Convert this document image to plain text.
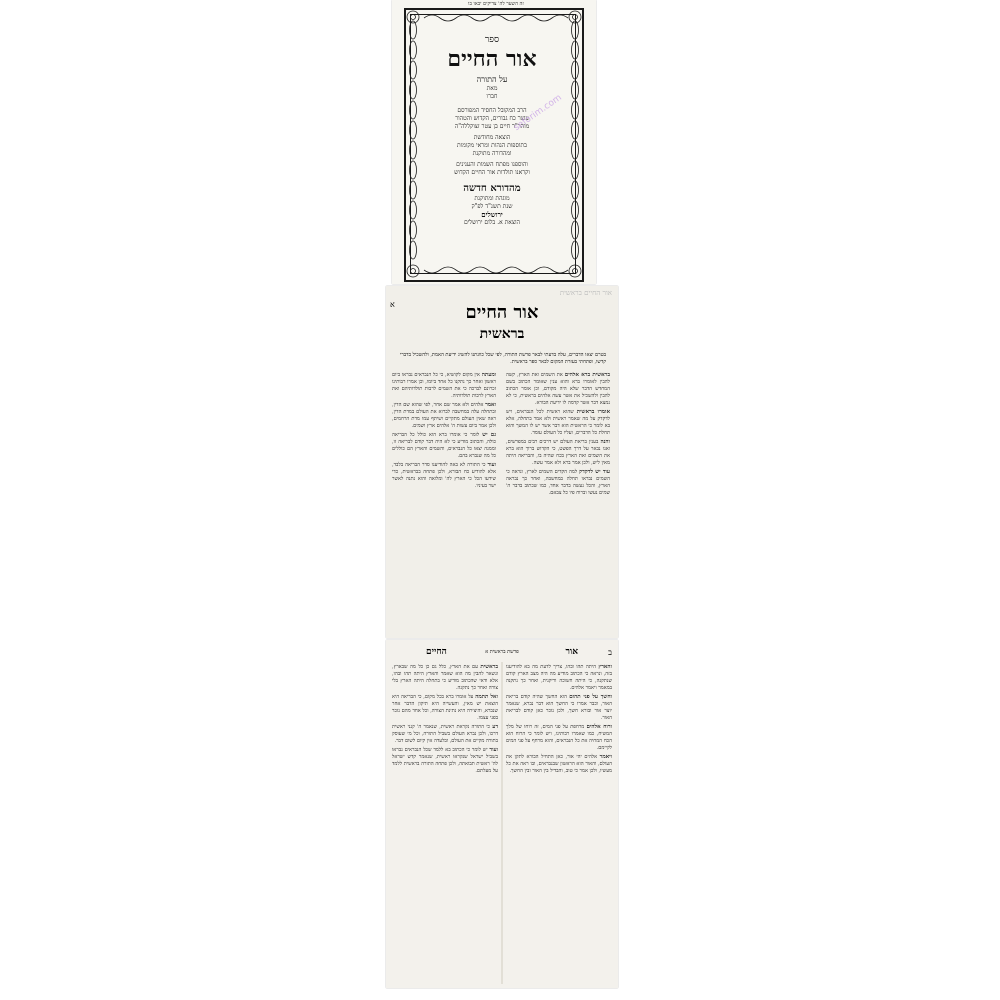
זה השער לה' צדיקים יבאו בו
ספר
אור החיים
על התורה
מאת
חברו
הרב המקובל החסיד המפורסם
עוצר כח גבורים, הקדוש והטהור
מוהר"ר חיים בן עטר זצוקללה"ה
הוצאה מחודשת
בתוספות הגהות ומראי מקומות
ומהדורה מתוקנת
והוספנו מפתח השמות והענינים
וקראנו תולדות אור החיים הקדוש
מהדורא חדשה
מוגהת ומתוקנת
שנת תשנ"ד לפ"ק
ירושלים
הוצאת א. בלום ירושלים
seforim.com
אור החיים בראשית
א	אור החיים
בראשית
בטרם יצאו הדברים, עלה בדעתי לבאר פרשת התורה, לפי שכל כוונתנו להשיג ידיעת האמת, ולהשכיל בדברי קדשו, ופתחתי בעזרת המקום לבאר ספר בראשית.
בראשית ברא אלהים את השמים ואת הארץ, קשה להבין לאומרו ברא והוא ענין שאומר הכתוב בשם המחדש הדבר שלא היה מקודם, וכן אומר הכתוב להבין ולהשכיל את אשר עשה אלהים בראשית, כי לא נמצא דבר אשר קדמה לו ידיעת הבורא.
אומרו בראשית שהוא ראשית לכל הנבראים, ויש לדקדק על מה שאמר ראשית ולא אמר בתחלה, אלא בא לומר כי הראשית הוא דבר אשר יש לו המשך והוא תחלת כל הדברים, ועליו כל העולם עומד.
והנה בענין בריאת העולם יש דרכים רבים במפרשים, ואנו נבאר על דרך הפשט, כי הקדוש ברוך הוא ברא את השמים ואת הארץ בכח שהיה בו, והבריאה היתה מאין ליש, ולכן אמר ברא ולא אמר עשה.
עוד יש לדקדק למה הקדים השמים לארץ, ונראה כי השמים נבראו תחלה במחשבה, ואחר כך נבראה הארץ, והכל נעשה בדבר אחד, כמו שכתוב בדבר ה' שמים נעשו וברוח פיו כל צבאם.
ומעתה אין מקום לקושיא, כי כל הנבראים נבראו ביום ראשון ואחר כך נתקנו כל אחד ביומו, וכן אמרו רבותינו זכרונם לברכה כי את השמים לרבות תולדותיהם ואת הארץ לרבות תולדותיה.
ואמר אלהים ולא אמר שם אחר, לפי שהוא שם הדין, ובתחלה עלה במחשבה לברוא את העולם במדת הדין, ראה שאין העולם מתקיים ושיתף עמו מדת הרחמים, ולכן אמר ביום עשות ה' אלהים ארץ ושמים.
גם יש לומר כי אומרו ברא הוא כולל כל הבריאה כולה, והכתוב מודיע כי לא היה דבר קודם לבריאה זו, וממנה יצאו כל הנבראים, והשמים והארץ הם כוללים כל מה שנברא בהם.
ועוד כי התורה לא באה להודיענו סדר הבריאה בלבד, אלא להודיע כח הבורא, ולכן פתחה בבראשית, כדי שידעו הכל כי הארץ לה' ומלואה והוא נתנה לאשר ישר בעיניו.
החיים	פרשת בראשית א	אור	ב
והארץ היתה תהו ובהו, צריך לדעת מה בא להודיענו בזה, ונראה כי הכתוב מודיע מה היה מצב הארץ קודם שנתקנה, כי היתה חשוכה וריקנית, ואחר כך נתקנה במאמר ויאמר אלהים.
וחשך על פני תהום הוא החשך שהיה קודם בריאת האור, וכבר אמרו כי החשך הוא דבר נברא, שנאמר יוצר אור ובורא חשך, ולכן נזכר כאן קודם לבריאת האור.
ורוח אלהים מרחפת על פני המים, זה רוחו של מלך המשיח, כמו שאמרו רבותינו, ויש לומר כי הרוח הוא הכח המחיה את כל הנבראים, והוא מרחף על פני המים לקיימם.
ויאמר אלהים יהי אור, כאן התחיל הבורא לתקן את העולם, והאור הוא הראשון שבנבראים, ובו ראה את כל מעשיו, ולכן אמר כי טוב, והבדיל בין האור ובין החשך.
בראשית עם את הארץ, כלל גם כן כל מה שבארץ, ונשאר להבין מה הוא שאמר והארץ היתה תהו ובהו, אלא ודאי שהכתוב מודיע כי בתחלה היתה הארץ בלי צורה ואחר כך נתקנה.
ואל תתמה על אומרו ברא בכל מקום, כי הבריאה היא הוצאת יש מאין, והעשייה היא תיקון הדבר אחר שנברא, והיצירה היא נתינת הצורה, וכל אחד מהם נזכר בפני עצמו.
דע כי התורה נקראת ראשית, שנאמר ה' קנני ראשית דרכו, ולכן נברא העולם בשביל התורה, וכל מי שעוסק בתורה מקיים את העולם, ובלעדה אין קיום לשום דבר.
ועוד יש לומר כי הכתוב בא ללמד שכל הנבראים נבראו בשביל ישראל שנקראו ראשית, שנאמר קדש ישראל לה' ראשית תבואתה, ולכן פתחה התורה בראשית ללמד על מעלתם.
